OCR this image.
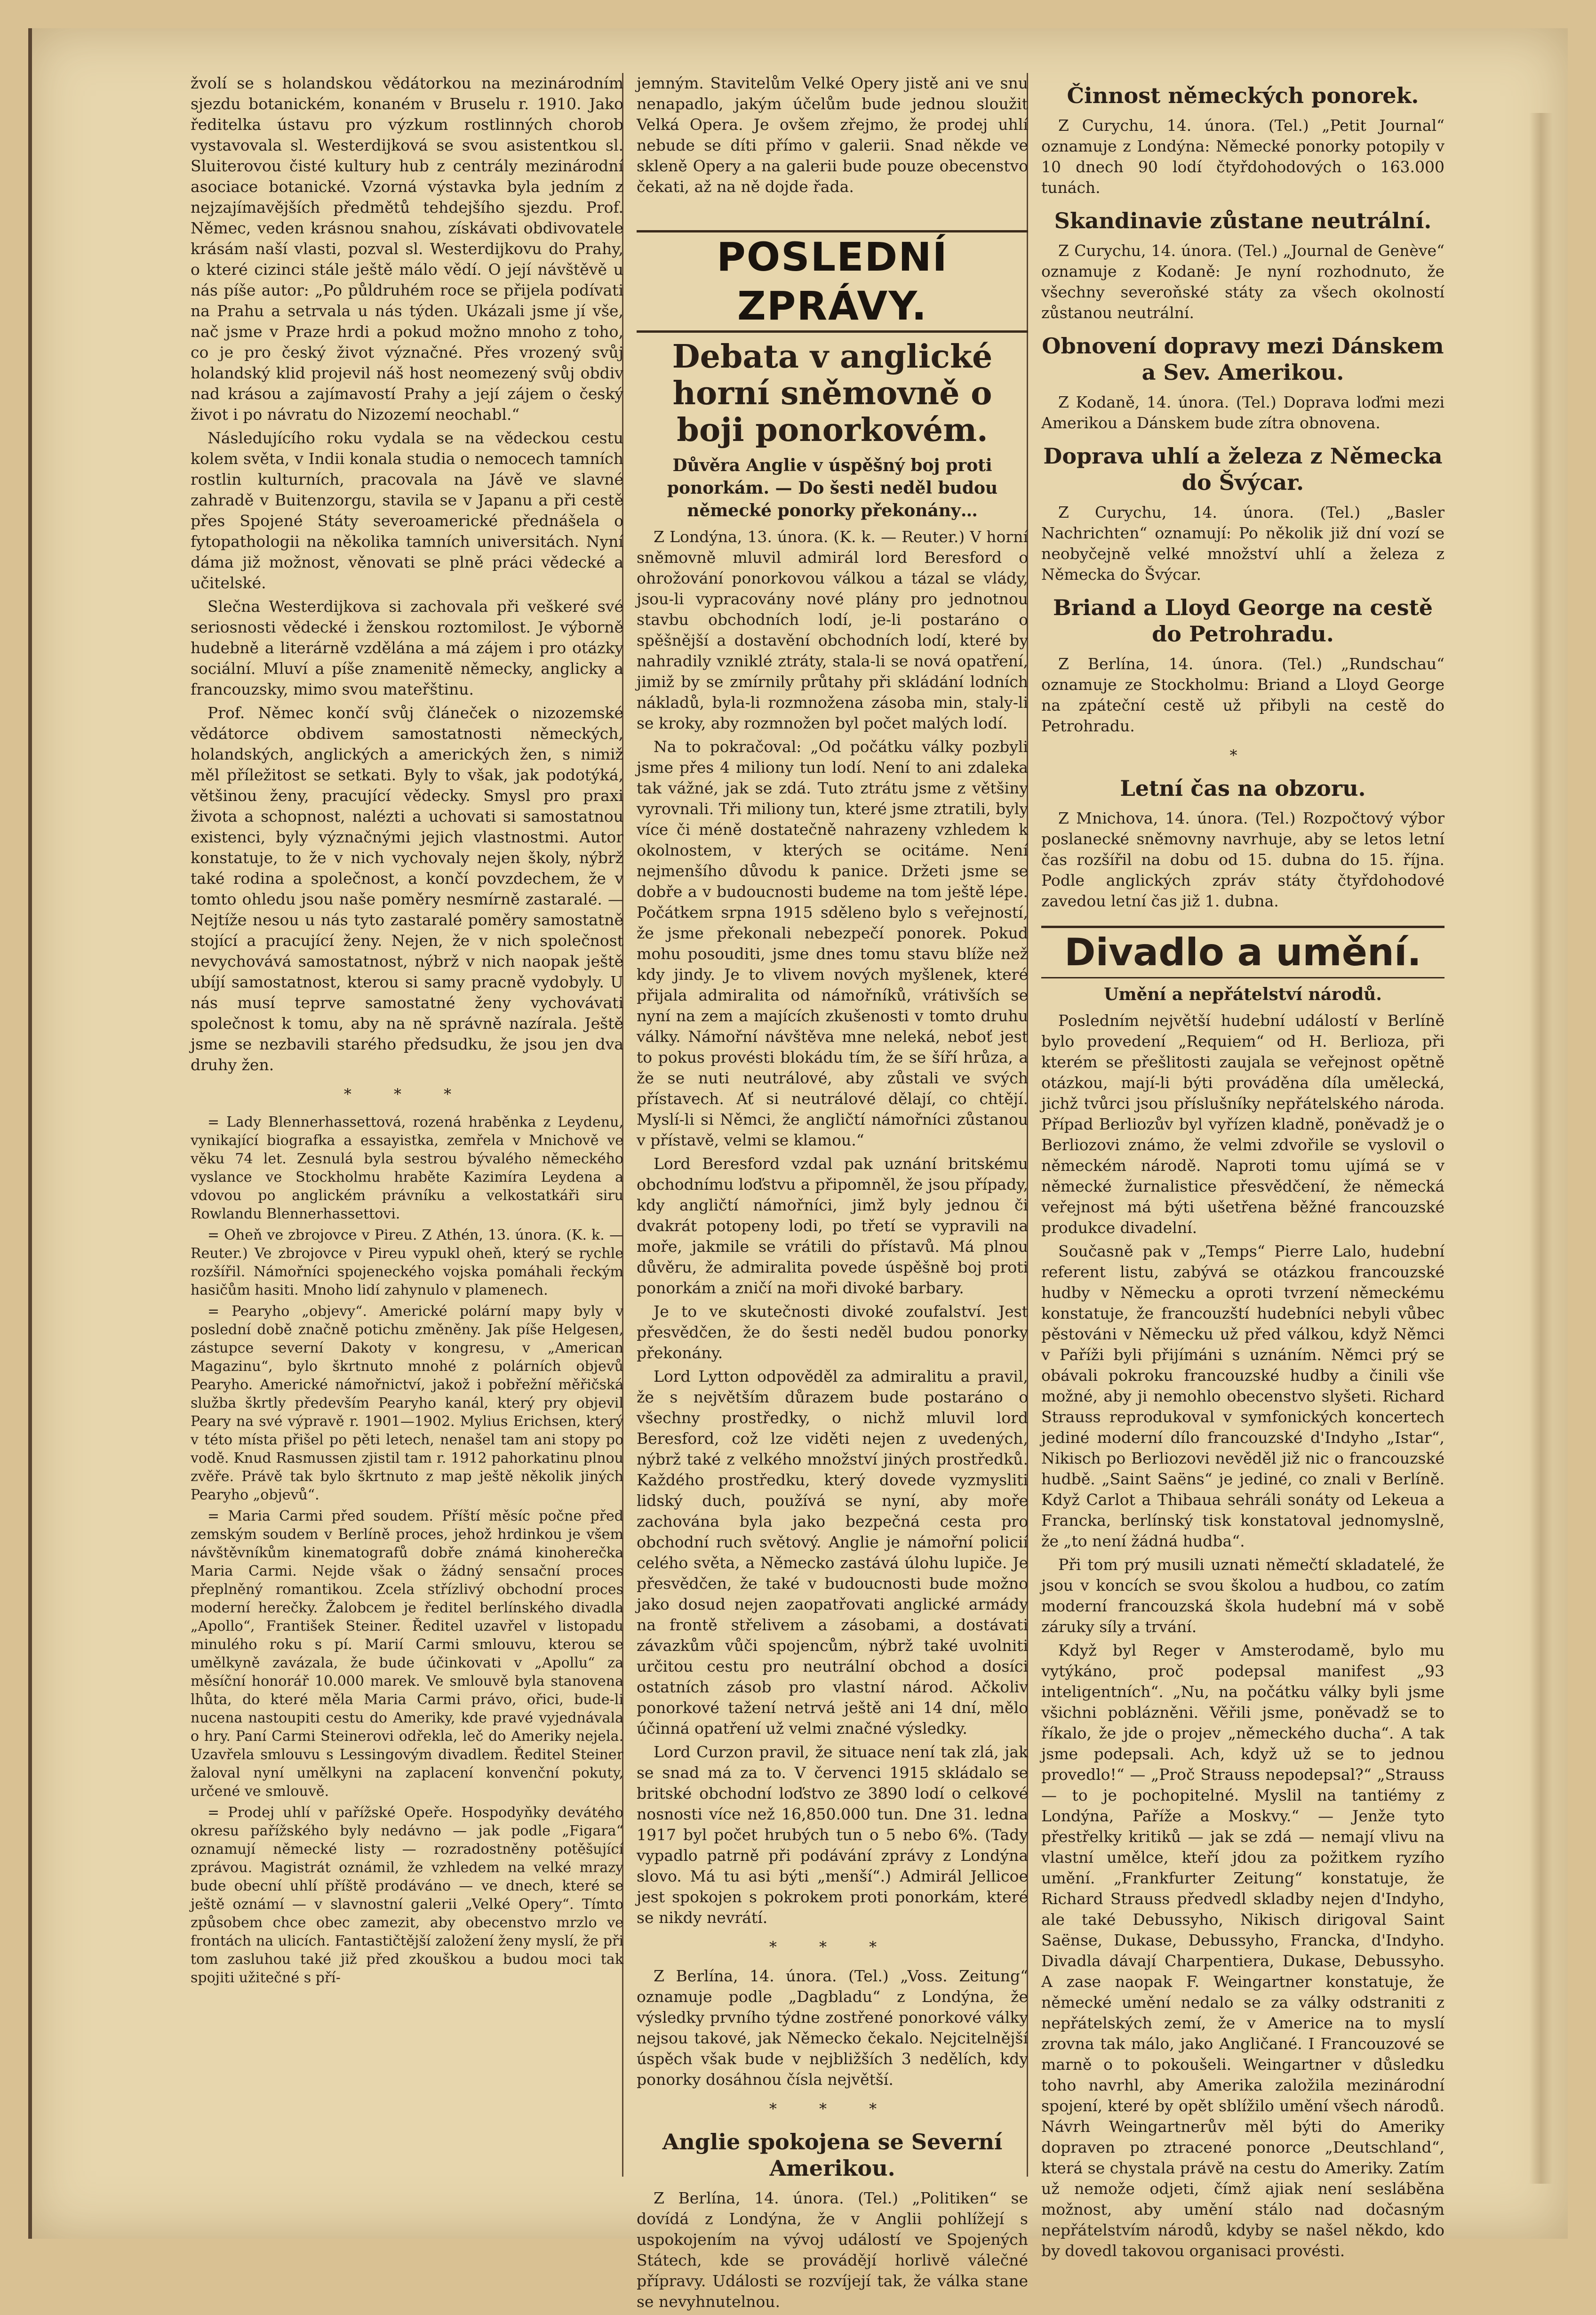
žvolí se s holandskou vědátorkou na mezinárodním sjezdu botanickém, konaném v Bruselu r. 1910. Jako ředitelka ústavu pro výzkum rostlinných chorob vystavovala sl. Westerdijková se svou asistentkou sl. Sluiterovou čisté kultury hub z centrály mezinárodní asociace botanické. Vzorná výstavka byla jedním z nejzajímavějších předmětů tehdejšího sjezdu. Prof. Němec, veden krásnou snahou, získávati obdivovatele krásám naší vlasti, pozval sl. Westerdijkovu do Prahy, o které cizinci stále ještě málo vědí. O její návštěvě u nás píše autor: „Po půldruhém roce se přijela podívati na Prahu a setrvala u nás týden. Ukázali jsme jí vše, nač jsme v Praze hrdi a pokud možno mnoho z toho, co je pro český život význačné. Přes vrozený svůj holandský klid projevil náš host neomezený svůj obdiv nad krásou a zajímavostí Prahy a její zájem o český život i po návratu do Nizozemí neochabl.“

Následujícího roku vydala se na vědeckou cestu kolem světa, v Indii konala studia o nemocech tamních rostlin kulturních, pracovala na Jávě ve slavné zahradě v Buitenzorgu, stavila se v Japanu a při cestě přes Spojené Státy severoamerické přednášela o fytopathologii na několika tamních universitách. Nyní dáma již možnost, věnovati se plně práci vědecké a učitelské.

Slečna Westerdijkova si zachovala při veškeré své seriosnosti vědecké i ženskou roztomilost. Je výborně hudebně a literárně vzdělána a má zájem i pro otázky sociální. Mluví a píše znamenitě německy, anglicky a francouzsky, mimo svou mateřštinu.

Prof. Němec končí svůj článeček o nizozemské vědátorce obdivem samostatnosti německých, holandských, anglických a amerických žen, s nimiž měl příležitost se setkati. Byly to však, jak podotýká, většinou ženy, pracující vědecky. Smysl pro praxi života a schopnost, nalézti a uchovati si samostatnou existenci, byly význačnými jejich vlastnostmi. Autor konstatuje, to že v nich vychovaly nejen školy, nýbrž také rodina a společnost, a končí povzdechem, že v tomto ohledu jsou naše poměry nesmírně zastaralé. — Nejtíže nesou u nás tyto zastaralé poměry samostatně stojící a pracující ženy. Nejen, že v nich společnost nevychovává samostatnost, nýbrž v nich naopak ještě ubíjí samostatnost, kterou si samy pracně vydobyly. U nás musí teprve samostatné ženy vychovávati společnost k tomu, aby na ně správně nazírala. Ještě jsme se nezbavili starého předsudku, že jsou jen dva druhy žen.

* * *

= Lady Blennerhassettová, rozená hraběnka z Leydenu, vynikající biografka a essayistka, zemřela v Mnichově ve věku 74 let. Zesnulá byla sestrou bývalého německého vyslance ve Stockholmu hraběte Kazimíra Leydena a vdovou po anglickém právníku a velkostatkáři siru Rowlandu Blennerhassettovi.

= Oheň ve zbrojovce v Pireu. Z Athén, 13. února. (K. k. — Reuter.) Ve zbrojovce v Pireu vypukl oheň, který se rychle rozšířil. Námořníci spojeneckého vojska pomáhali řeckým hasičům hasiti. Mnoho lidí zahynulo v plamenech.

= Pearyho „objevy“. Americké polární mapy byly v poslední době značně potichu změněny. Jak píše Helgesen, zástupce severní Dakoty v kongresu, v „American Magazinu“, bylo škrtnuto mnohé z polárních objevů Pearyho. Americké námořnictví, jakož i pobřežní měřičská služba škrtly především Pearyho kanál, který pry objevil Peary na své výpravě r. 1901—1902. Mylius Erichsen, který v této místa přišel po pěti letech, nenašel tam ani stopy po vodě. Knud Rasmussen zjistil tam r. 1912 pahorkatinu plnou zvěře. Právě tak bylo škrtnuto z map ještě několik jiných Pearyho „objevů“.

= Maria Carmi před soudem. Příští měsíc počne před zemským soudem v Berlíně proces, jehož hrdinkou je všem návštěvníkům kinematografů dobře známá kinoherečka Maria Carmi. Nejde však o žádný sensační proces přeplněný romantikou. Zcela střízlivý obchodní proces moderní herečky. Žalobcem je ředitel berlínského divadla „Apollo“, František Steiner. Ředitel uzavřel v listopadu minulého roku s pí. Marií Carmi smlouvu, kterou se umělkyně zavázala, že bude účinkovati v „Apollu“ za měsíční honorář 10.000 marek. Ve smlouvě byla stanovena lhůta, do které měla Maria Carmi právo, ořici, bude-li nucena nastoupiti cestu do Ameriky, kde pravé vyjednávala o hry. Paní Carmi Steinerovi odřekla, leč do Ameriky nejela. Uzavřela smlouvu s Lessingovým divadlem. Ředitel Steiner žaloval nyní umělkyni na zaplacení konvenční pokuty, určené ve smlouvě.

= Prodej uhlí v pařížské Opeře. Hospodyňky devátého okresu pařížského byly nedávno — jak podle „Figara“ oznamují německé listy — rozradostněny potěšující zprávou. Magistrát oznámil, že vzhledem na velké mrazy bude obecní uhlí příště prodáváno — ve dnech, které se ještě oznámí — v slavnostní galerii „Velké Opery“. Tímto způsobem chce obec zamezit, aby obecenstvo mrzlo ve frontách na ulicích. Fantastičtější založení ženy myslí, že při tom zasluhou také již před zkouškou a budou moci tak spojiti užitečné s pří-

jemným. Stavitelům Velké Opery jistě ani ve snu nenapadlo, jakým účelům bude jednou sloužit Velká Opera. Je ovšem zřejmo, že prodej uhlí nebude se díti přímo v galerii. Snad někde ve skleně Opery a na galerii bude pouze obecenstvo čekati, až na ně dojde řada.

POSLEDNÍ ZPRÁVY.
Debata v anglické horní sněmovně o boji ponorkovém.
Důvěra Anglie v úspěšný boj proti ponorkám. — Do šesti neděl budou německé ponorky překonány…

Z Londýna, 13. února. (K. k. — Reuter.) V horní sněmovně mluvil admirál lord Beresford o ohrožování ponorkovou válkou a tázal se vlády, jsou-li vypracovány nové plány pro jednotnou stavbu obchodních lodí, je-li postaráno o spěšnější a dostavění obchodních lodí, které by nahradily vzniklé ztráty, stala-li se nová opatření, jimiž by se zmírnily průtahy při skládání lodních nákladů, byla-li rozmnožena zásoba min, staly-li se kroky, aby rozmnožen byl počet malých lodí.

Na to pokračoval: „Od počátku války pozbyli jsme přes 4 miliony tun lodí. Není to ani zdaleka tak vážné, jak se zdá. Tuto ztrátu jsme z většiny vyrovnali. Tři miliony tun, které jsme ztratili, byly více či méně dostatečně nahrazeny vzhledem k okolnostem, v kterých se ocitáme. Není nejmenšího důvodu k panice. Držeti jsme se dobře a v budoucnosti budeme na tom ještě lépe. Počátkem srpna 1915 sděleno bylo s veřejností, že jsme překonali nebezpečí ponorek. Pokud mohu posouditi, jsme dnes tomu stavu blíže než kdy jindy. Je to vlivem nových myšlenek, které přijala admiralita od námořníků, vrátivších se nyní na zem a majících zkušenosti v tomto druhu války. Námořní návštěva mne neleká, neboť jest to pokus provésti blokádu tím, že se šíří hrůza, a že se nuti neutrálové, aby zůstali ve svých přístavech. Ať si neutrálové dělají, co chtějí. Myslí-li si Němci, že angličtí námořníci zůstanou v přístavě, velmi se klamou.“

Lord Beresford vzdal pak uznání britskému obchodnímu loďstvu a připomněl, že jsou případy, kdy angličtí námořníci, jimž byly jednou či dvakrát potopeny lodi, po třetí se vypravili na moře, jakmile se vrátili do přístavů. Má plnou důvěru, že admiralita povede úspěšně boj proti ponorkám a zničí na moři divoké barbary.

Je to ve skutečnosti divoké zoufalství. Jest přesvědčen, že do šesti neděl budou ponorky překonány.

Lord Lytton odpověděl za admiralitu a pravil, že s největším důrazem bude postaráno o všechny prostředky, o nichž mluvil lord Beresford, což lze viděti nejen z uvedených, nýbrž také z velkého množství jiných prostředků. Každého prostředku, který dovede vyzmysliti lidský duch, používá se nyní, aby moře zachována byla jako bezpečná cesta pro obchodní ruch světový. Anglie je námořní policií celého světa, a Německo zastává úlohu lupiče. Je přesvědčen, že také v budoucnosti bude možno jako dosud nejen zaopatřovati anglické armády na frontě střelivem a zásobami, a dostávati závazkům vůči spojencům, nýbrž také uvolniti určitou cestu pro neutrální obchod a dosíci ostatních zásob pro vlastní národ. Ačkoliv ponorkové tažení netrvá ještě ani 14 dní, mělo účinná opatření už velmi značné výsledky.

Lord Curzon pravil, že situace není tak zlá, jak se snad má za to. V červenci 1915 skládalo se britské obchodní loďstvo ze 3890 lodí o celkové nosnosti více než 16,850.000 tun. Dne 31. ledna 1917 byl počet hrubých tun o 5 nebo 6%. (Tady vypadlo patrně při podávání zprávy z Londýna slovo. Má tu asi býti „menší“.) Admirál Jellicoe jest spokojen s pokrokem proti ponorkám, které se nikdy nevrátí.

* * *

Z Berlína, 14. února. (Tel.) „Voss. Zeitung“ oznamuje podle „Dagbladu“ z Londýna, že výsledky prvního týdne zostřené ponorkové války nejsou takové, jak Německo čekalo. Nejcitelnější úspěch však bude v nejbližších 3 nedělích, kdy ponorky dosáhnou čísla největší.

* * *
Anglie spokojena se Severní Amerikou.

Z Berlína, 14. února. (Tel.) „Politiken“ se dovídá z Londýna, že v Anglii pohlížejí s uspokojením na vývoj událostí ve Spojených Státech, kde se provádějí horlivě válečné přípravy. Události se rozvíjejí tak, že válka stane se nevyhnutelnou.

Činnost německých ponorek.

Z Curychu, 14. února. (Tel.) „Petit Journal“ oznamuje z Londýna: Německé ponorky potopily v 10 dnech 90 lodí čtyřdohodových o 163.000 tunách.

Skandinavie zůstane neutrální.

Z Curychu, 14. února. (Tel.) „Journal de Genève“ oznamuje z Kodaně: Je nyní rozhodnuto, že všechny severoňské státy za všech okolností zůstanou neutrální.

Obnovení dopravy mezi Dánskem a Sev. Amerikou.

Z Kodaně, 14. února. (Tel.) Doprava loďmi mezi Amerikou a Dánskem bude zítra obnovena.

Doprava uhlí a železa z Německa do Švýcar.

Z Curychu, 14. února. (Tel.) „Basler Nachrichten“ oznamují: Po několik již dní vozí se neobyčejně velké množství uhlí a železa z Německa do Švýcar.

Briand a Lloyd George na cestě do Petrohradu.

Z Berlína, 14. února. (Tel.) „Rundschau“ oznamuje ze Stockholmu: Briand a Lloyd George na zpáteční cestě už přibyli na cestě do Petrohradu.

*
Letní čas na obzoru.

Z Mnichova, 14. února. (Tel.) Rozpočtový výbor poslanecké sněmovny navrhuje, aby se letos letní čas rozšířil na dobu od 15. dubna do 15. října. Podle anglických zpráv státy čtyřdohodové zavedou letní čas již 1. dubna.

Divadlo a umění.
Umění a nepřátelství národů.

Posledním největší hudební událostí v Berlíně bylo provedení „Requiem“ od H. Berlioza, při kterém se přešlitosti zaujala se veřejnost opětně otázkou, mají-li býti prováděna díla umělecká, jichž tvůrci jsou příslušníky nepřátelského národa. Případ Berliozův byl vyřízen kladně, poněvadž je o Berliozovi známo, že velmi zdvořile se vyslovil o německém národě. Naproti tomu ujímá se v německé žurnalistice přesvědčení, že německá veřejnost má býti ušetřena běžné francouzské produkce divadelní.

Současně pak v „Temps“ Pierre Lalo, hudební referent listu, zabývá se otázkou francouzské hudby v Německu a oproti tvrzení německému konstatuje, že francouzští hudebníci nebyli vůbec pěstováni v Německu už před válkou, když Němci v Paříži byli přijímáni s uznáním. Němci prý se obávali pokroku francouzské hudby a činili vše možné, aby ji nemohlo obecenstvo slyšeti. Richard Strauss reprodukoval v symfonických koncertech jediné moderní dílo francouzské d'Indyho „Istar“, Nikisch po Berliozovi nevěděl již nic o francouzské hudbě. „Saint Saëns“ je jediné, co znali v Berlíně. Když Carlot a Thibaua sehráli sonáty od Lekeua a Francka, berlínský tisk konstatoval jednomyslně, že „to není žádná hudba“.

Při tom prý musili uznati němečtí skladatelé, že jsou v koncích se svou školou a hudbou, co zatím moderní francouzská škola hudební má v sobě záruky síly a trvání.

Když byl Reger v Amsterodamě, bylo mu vytýkáno, proč podepsal manifest „93 inteligentních“. „Nu, na počátku války byli jsme všichni poblázněni. Věřili jsme, poněvadž se to říkalo, že jde o projev „německého ducha“. A tak jsme podepsali. Ach, když už se to jednou provedlo!“ — „Proč Strauss nepodepsal?“ „Strauss — to je pochopitelné. Myslil na tantiémy z Londýna, Paříže a Moskvy.“ — Jenže tyto přestřelky kritiků — jak se zdá — nemají vlivu na vlastní umělce, kteří jdou za požitkem ryzího umění. „Frankfurter Zeitung“ konstatuje, že Richard Strauss předvedl skladby nejen d'Indyho, ale také Debussyho, Nikisch dirigoval Saint Saënse, Dukase, Debussyho, Francka, d'Indyho. Divadla dávají Charpentiera, Dukase, Debussyho. A zase naopak F. Weingartner konstatuje, že německé umění nedalo se za války odstraniti z nepřátelských zemí, že v Americe na to myslí zrovna tak málo, jako Angličané. I Francouzové se marně o to pokoušeli. Weingartner v důsledku toho navrhl, aby Amerika založila mezinárodní spojení, které by opět sblížilo umění všech národů. Návrh Weingartnerův měl býti do Ameriky dopraven po ztracené ponorce „Deutschland“, která se chystala právě na cestu do Ameriky. Zatím už nemože odjeti, čímž ajiak není sesláběna možnost, aby umění stálo nad dočasným nepřátelstvím národů, kdyby se našel někdo, kdo by dovedl takovou organisaci provésti.
